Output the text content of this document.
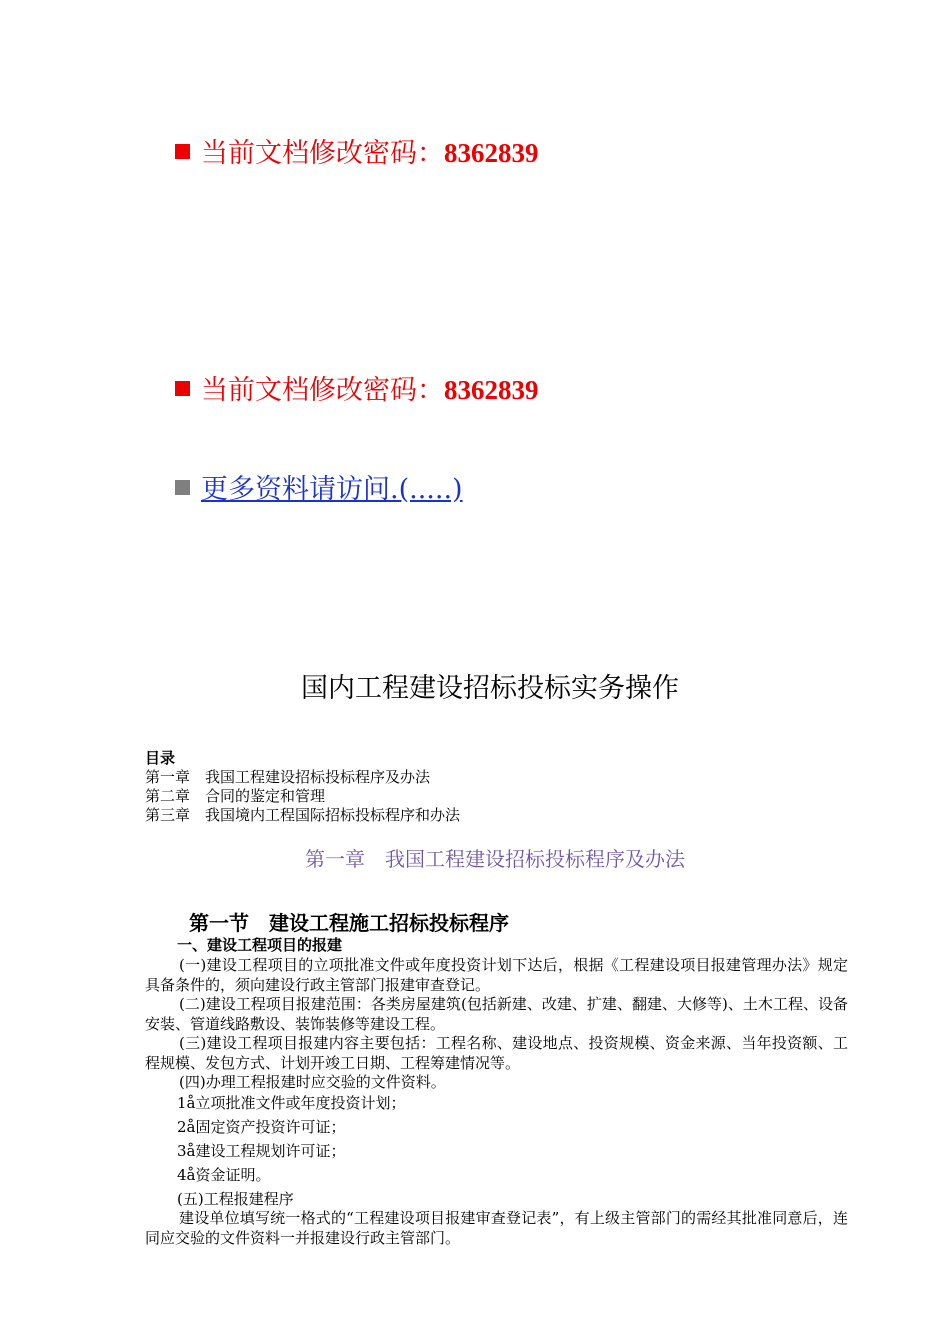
当前文档修改密码：8362839
当前文档修改密码：8362839
更多资料请访问.(.....)
国内工程建设招标投标实务操作
目录
第一章　我国工程建设招标投标程序及办法
第二章　合同的鉴定和管理
第三章　我国境内工程国际招标投标程序和办法
第一章　我国工程建设招标投标程序及办法
第一节　建设工程施工招标投标程序
一、建设工程项目的报建
(一)建设工程项目的立项批准文件或年度投资计划下达后，根据《工程建设项目报建管理办法》规定具备条件的，须向建设行政主管部门报建审查登记。
(二)建设工程项目报建范围：各类房屋建筑(包括新建、改建、扩建、翻建、大修等)、土木工程、设备安装、管道线路敷设、装饰装修等建设工程。
(三)建设工程项目报建内容主要包括：工程名称、建设地点、投资规模、资金来源、当年投资额、工程规模、发包方式、计划开竣工日期、工程筹建情况等。
(四)办理工程报建时应交验的文件资料。
1å立项批准文件或年度投资计划；
2å固定资产投资许可证；
3å建设工程规划许可证；
4å资金证明。
(五)工程报建程序
建设单位填写统一格式的“工程建设项目报建审查登记表”，有上级主管部门的需经其批准同意后，连同应交验的文件资料一并报建设行政主管部门。
